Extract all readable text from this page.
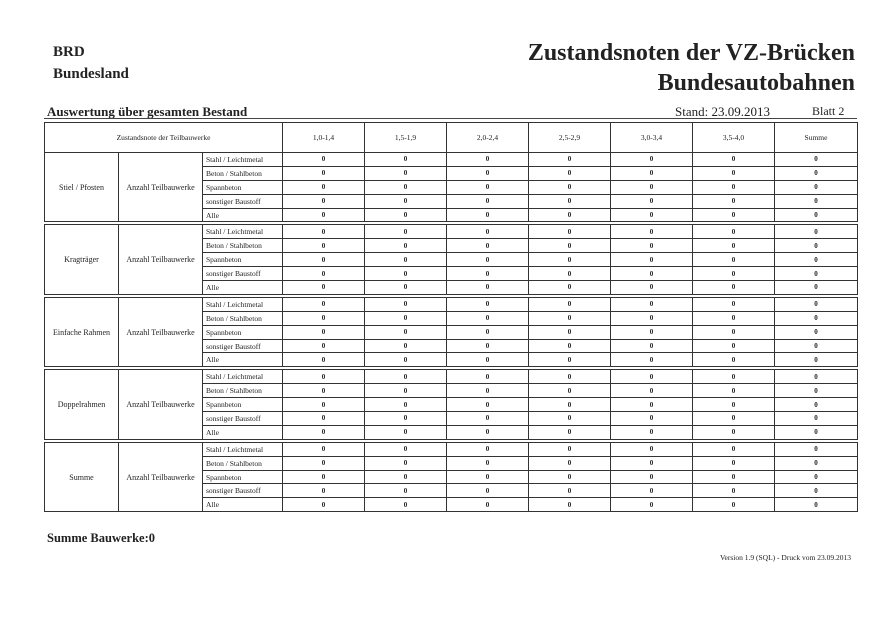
BRD
Bundesland
Zustandsnoten der VZ-Brücken
Bundesautobahnen
Auswertung über gesamten Bestand	Stand: 23.09.2013	Blatt 2
Zustandsnote der Teilbauwerke			1,0-1,4	1,5-1,9	2,0-2,4	2,5-2,9	3,0-3,4	3,5-4,0	Summe
Stiel / Pfosten	Anzahl Teilbauwerke	Stahl / Leichtmetal	0	0	0	0	0	0	0
		Beton / Stahlbeton	0	0	0	0	0	0	0
		Spannbeton	0	0	0	0	0	0	0
		sonstiger Baustoff	0	0	0	0	0	0	0
		Alle	0	0	0	0	0	0	0

Kragträger	Anzahl Teilbauwerke	Stahl / Leichtmetal	0	0	0	0	0	0	0
		Beton / Stahlbeton	0	0	0	0	0	0	0
		Spannbeton	0	0	0	0	0	0	0
		sonstiger Baustoff	0	0	0	0	0	0	0
		Alle	0	0	0	0	0	0	0

Einfache Rahmen	Anzahl Teilbauwerke	Stahl / Leichtmetal	0	0	0	0	0	0	0
		Beton / Stahlbeton	0	0	0	0	0	0	0
		Spannbeton	0	0	0	0	0	0	0
		sonstiger Baustoff	0	0	0	0	0	0	0
		Alle	0	0	0	0	0	0	0

Doppelrahmen	Anzahl Teilbauwerke	Stahl / Leichtmetal	0	0	0	0	0	0	0
		Beton / Stahlbeton	0	0	0	0	0	0	0
		Spannbeton	0	0	0	0	0	0	0
		sonstiger Baustoff	0	0	0	0	0	0	0
		Alle	0	0	0	0	0	0	0

Summe	Anzahl Teilbauwerke	Stahl / Leichtmetal	0	0	0	0	0	0	0
		Beton / Stahlbeton	0	0	0	0	0	0	0
		Spannbeton	0	0	0	0	0	0	0
		sonstiger Baustoff	0	0	0	0	0	0	0
		Alle	0	0	0	0	0	0	0
Summe Bauwerke:0
Version 1.9 (SQL) - Druck vom 23.09.2013
